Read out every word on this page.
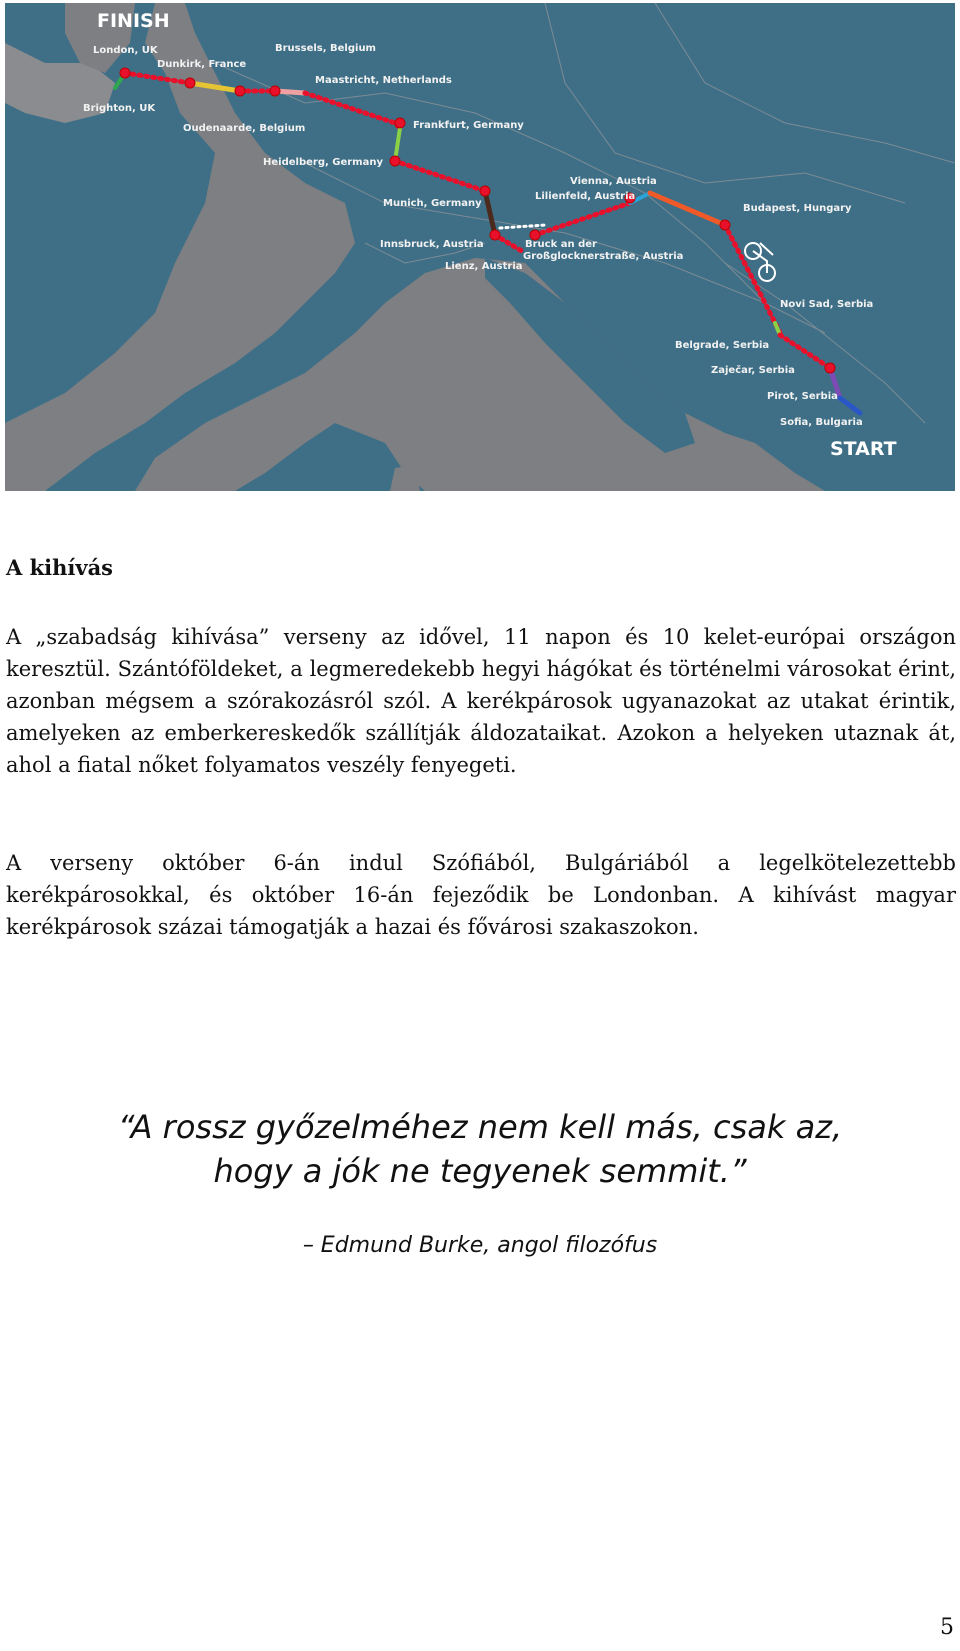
FINISH
START
London, UK
Dunkirk, France
Brussels, Belgium
Maastricht, Netherlands
Brighton, UK
Oudenaarde, Belgium	Frankfurt, Germany
Heidelberg, Germany
Munich, Germany
Lilienfeld, Austria
Vienna, Austria
Budapest, Hungary
Innsbruck, Austria	Bruck an der
Großglocknerstraße, Austria
Lienz, Austria
Novi Sad, Serbia
Belgrade, Serbia
Zaječar, Serbia
Pirot, Serbia
Sofia, Bulgaria
A kihívás

A „szabadság kihívása” verseny az idővel, 11 napon és 10 kelet-európai országon keresztül. Szántóföldeket, a legmeredekebb hegyi hágókat és történelmi városokat érint, azonban mégsem a szórakozásról szól. A kerékpárosok ugyanazokat az utakat érintik, amelyeken az emberkereskedők szállítják áldozataikat. Azokon a helyeken utaznak át, ahol a fiatal nőket folyamatos veszély fenyegeti.

A verseny október 6-án indul Szófiából, Bulgáriából a legelkötelezettebb kerékpárosokkal, és október 16-án fejeződik be Londonban. A kihívást magyar kerékpárosok százai támogatják a hazai és fővárosi szakaszokon.

“A rossz győzelméhez nem kell más, csak az,
hogy a jók ne tegyenek semmit.”
– Edmund Burke, angol filozófus
5
